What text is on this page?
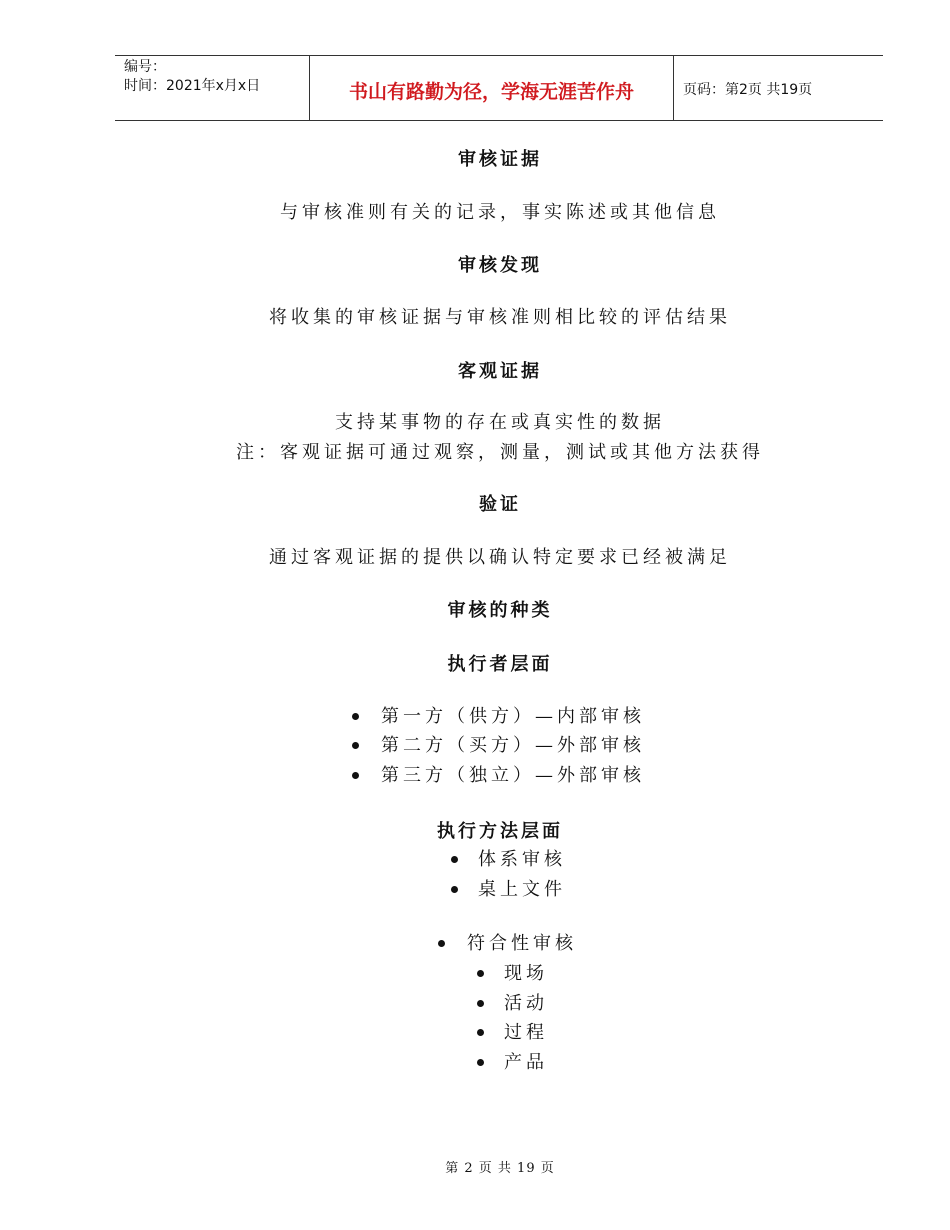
编号：
时间：2021年x月x日	书山有路勤为径，学海无涯苦作舟	页码：第2页 共19页
审核证据
与审核准则有关的记录，事实陈述或其他信息
审核发现
将收集的审核证据与审核准则相比较的评估结果
客观证据
支持某事物的存在或真实性的数据
注：客观证据可通过观察，测量，测试或其他方法获得
验证
通过客观证据的提供以确认特定要求已经被满足
审核的种类
执行者层面
第一方（供方）—内部审核
第二方（买方）—外部审核
第三方（独立）—外部审核
执行方法层面
体系审核
桌上文件
符合性审核
现场
活动
过程
产品
第 2 页 共 19 页
